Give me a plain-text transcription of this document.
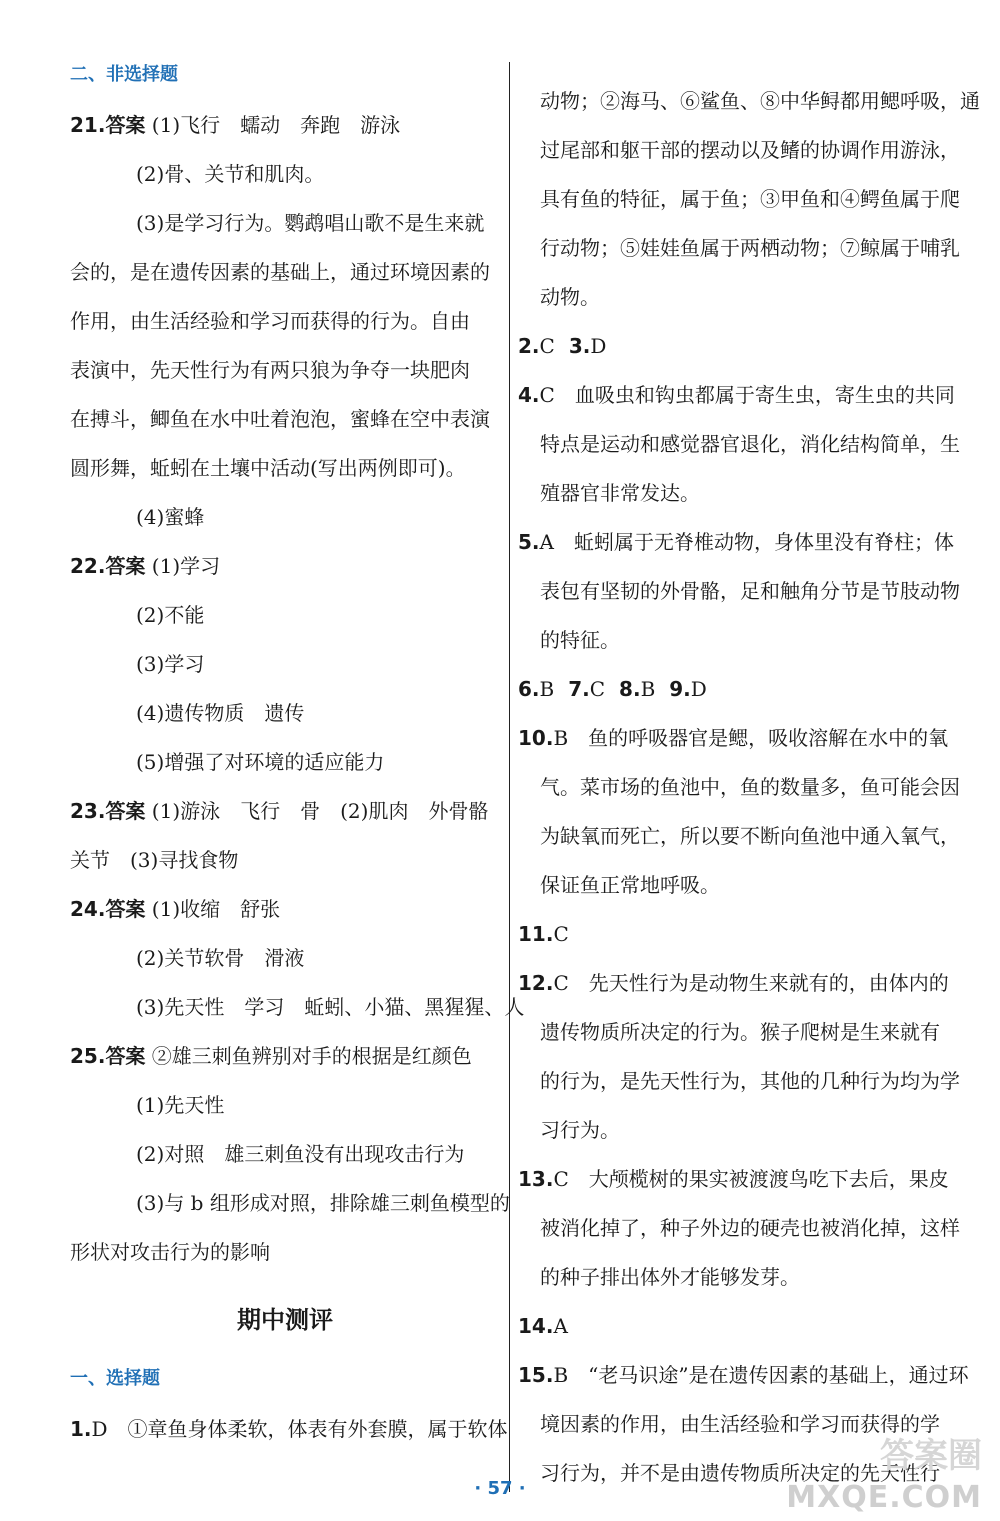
二、非选择题
21.答案 (1)飞行　蠕动　奔跑　游泳
(2)骨、关节和肌肉。
(3)是学习行为。鹦鹉唱山歌不是生来就
会的，是在遗传因素的基础上，通过环境因素的
作用，由生活经验和学习而获得的行为。自由
表演中，先天性行为有两只狼为争夺一块肥肉
在搏斗，鲫鱼在水中吐着泡泡，蜜蜂在空中表演
圆形舞，蚯蚓在土壤中活动(写出两例即可)。
(4)蜜蜂
22.答案 (1)学习
(2)不能
(3)学习
(4)遗传物质　遗传
(5)增强了对环境的适应能力
23.答案 (1)游泳　飞行　骨　(2)肌肉　外骨骼
关节　(3)寻找食物
24.答案 (1)收缩　舒张
(2)关节软骨　滑液
(3)先天性　学习　蚯蚓、小猫、黑猩猩、人
25.答案 ②雄三刺鱼辨别对手的根据是红颜色
(1)先天性
(2)对照　雄三刺鱼没有出现攻击行为
(3)与 b 组形成对照，排除雄三刺鱼模型的
形状对攻击行为的影响
期中测评
一、选择题
1.D　①章鱼身体柔软，体表有外套膜，属于软体
动物；②海马、⑥鲨鱼、⑧中华鲟都用鳃呼吸，通
过尾部和躯干部的摆动以及鳍的协调作用游泳，
具有鱼的特征，属于鱼；③甲鱼和④鳄鱼属于爬
行动物；⑤娃娃鱼属于两栖动物；⑦鲸属于哺乳
动物。
2.C 3.D
4.C　血吸虫和钩虫都属于寄生虫，寄生虫的共同
特点是运动和感觉器官退化，消化结构简单，生
殖器官非常发达。
5.A　蚯蚓属于无脊椎动物，身体里没有脊柱；体
表包有坚韧的外骨骼，足和触角分节是节肢动物
的特征。
6.B 7.C 8.B 9.D
10.B　鱼的呼吸器官是鳃，吸收溶解在水中的氧
气。菜市场的鱼池中，鱼的数量多，鱼可能会因
为缺氧而死亡，所以要不断向鱼池中通入氧气，
保证鱼正常地呼吸。
11.C
12.C　先天性行为是动物生来就有的，由体内的
遗传物质所决定的行为。猴子爬树是生来就有
的行为，是先天性行为，其他的几种行为均为学
习行为。
13.C　大颅榄树的果实被渡渡鸟吃下去后，果皮
被消化掉了，种子外边的硬壳也被消化掉，这样
的种子排出体外才能够发芽。
14.A
15.B　“老马识途”是在遗传因素的基础上，通过环
境因素的作用，由生活经验和学习而获得的学
习行为，并不是由遗传物质所决定的先天性行
· 57 ·
答案圈
MXQE.COM
